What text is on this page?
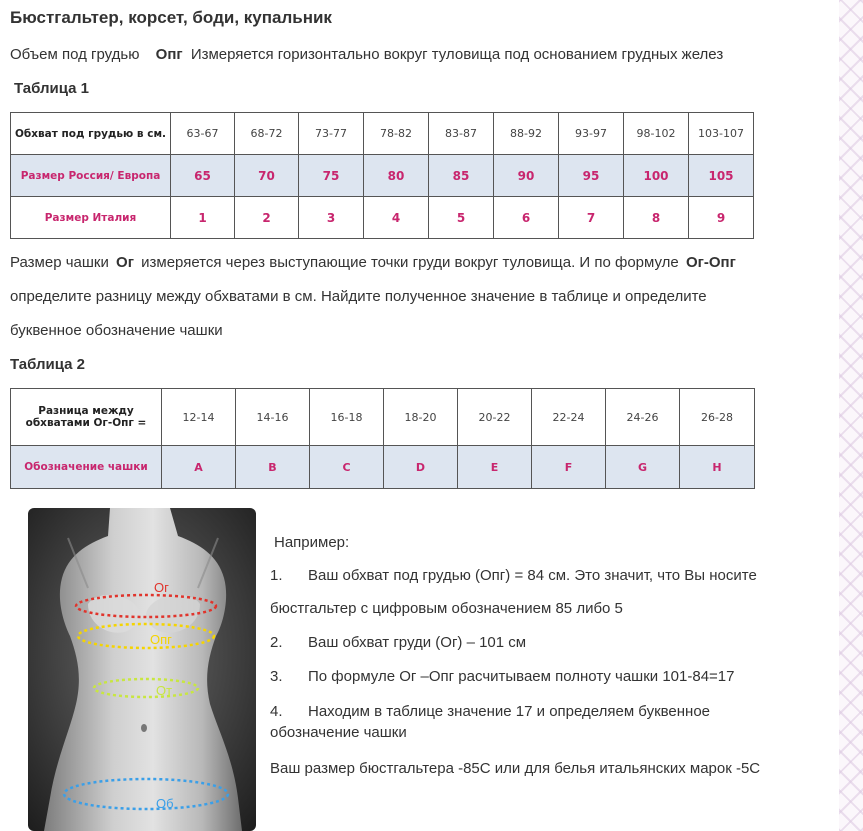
Бюстгальтер, корсет, боди, купальник
Объем под грудью Опг Измеряется горизонтально вокруг туловища под основанием грудных желез
Таблица 1
Обхват под грудью в см.	63-67	68-72	73-77	78-82	83-87	88-92	93-97	98-102	103-107
Размер Россия/ Европа	65	70	75	80	85	90	95	100	105
Размер Италия	1	2	3	4	5	6	7	8	9
Размер чашки Ог измеряется через выступающие точки груди вокруг туловища. И по формуле Ог-Опг
определите разницу между обхватами в см. Найдите полученное значение в таблице и определите
буквенное обозначение чашки
Таблица 2
Разница между обхватами Ог-Опг =	12-14	14-16	16-18	18-20	20-22	22-24	24-26	26-28
Обозначение чашки	A	B	C	D	E	F	G	H
Ог
Опг
От
Об
Например:
1. Ваш обхват под грудью (Опг) = 84 см. Это значит, что Вы носите
бюстгальтер с цифровым обозначением 85 либо 5
2. Ваш обхват груди (Ог) – 101 см
3. По формуле Ог –Опг расчитываем полноту чашки 101-84=17
4. Находим в таблице значение 17 и определяем буквенное
обозначение чашки
Ваш размер бюстгальтера -85С или для белья итальянских марок -5С
